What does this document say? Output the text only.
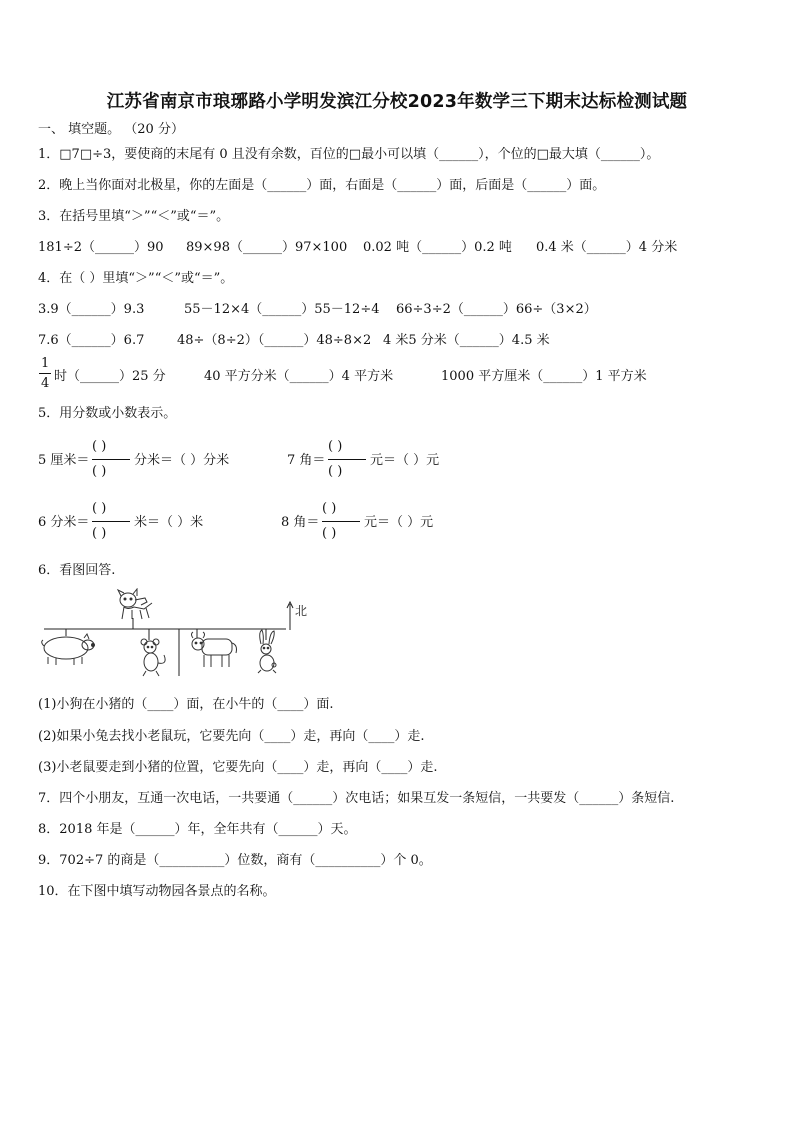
江苏省南京市琅琊路小学明发滨江分校2023年数学三下期末达标检测试题
一、 填空题。 （20 分）
1．□7□÷3，要使商的末尾有 0 且没有余数，百位的□最小可以填（______），个位的□最大填（______）。
2．晚上当你面对北极星，你的左面是（______）面，右面是（______）面，后面是（______）面。
3．在括号里填“＞”“＜”或“＝”。
181÷2（______）90 89×98（______）97×100 0.02 吨（______）0.2 吨 0.4 米（______）4 分米
4．在（ ）里填“＞”“＜”或“＝”。
3.9（______）9.3	55－12×4（______）55－12÷4 66÷3÷2（______）66÷（3×2）
7.6（______）6.7	48÷（8÷2）（______）48÷8×2 4 米5 分米（______）4.5 米
1
4 时（______）25 分	40 平方分米（______）4 平方米	1000 平方厘米（______）1 平方米
5．用分数或小数表示。
5 厘米＝
( )
( )
分米＝（ ）分米	7 角＝
( )
( )
元＝（ ）元
6 分米＝
( )
( )
米＝（ ）米	8 角＝
( )
( )
元＝（ ）元
6．看图回答.
北
(1)小狗在小猪的（____）面，在小牛的（____）面.
(2)如果小兔去找小老鼠玩，它要先向（____）走，再向（____）走.
(3)小老鼠要走到小猪的位置，它要先向（____）走，再向（____）走.
7．四个小朋友，互通一次电话，一共要通（______）次电话；如果互发一条短信，一共要发（______）条短信.
8．2018 年是（______）年，全年共有（______）天。
9．702÷7 的商是（__________）位数，商有（__________）个 0。
10．在下图中填写动物园各景点的名称。
